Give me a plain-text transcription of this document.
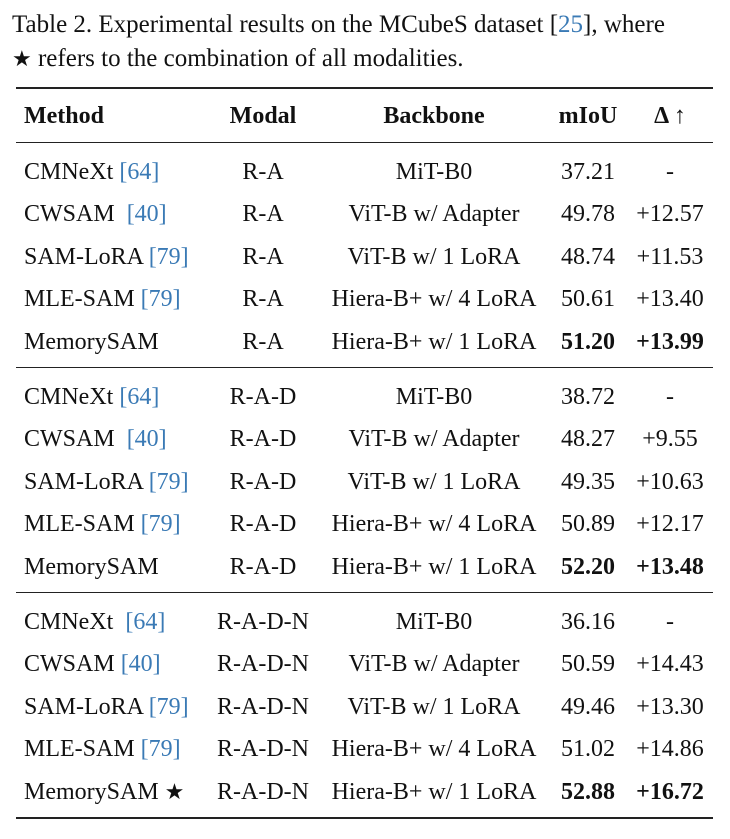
Table 2. Experimental results on the MCubeS dataset [25], where
★ refers to the combination of all modalities.
Method	Modal	Backbone	mIoU Δ ↑
CMNeXt [64]	R-A	MiT-B0	37.21 -
CWSAM  [40]	R-A	ViT-B w/ Adapter 49.78 +12.57
SAM-LoRA [79] R-A	ViT-B w/ 1 LoRA 48.74 +11.53
MLE-SAM [79]	R-A Hiera-B+ w/ 4 LoRA 50.61 +13.40
MemorySAM	R-A Hiera-B+ w/ 1 LoRA 51.20 +13.99
CMNeXt [64]	R-A-D	MiT-B0	38.72 -
CWSAM  [40]	R-A-D ViT-B w/ Adapter 48.27 +9.55
SAM-LoRA [79] R-A-D ViT-B w/ 1 LoRA 49.35 +10.63
MLE-SAM [79] R-A-D Hiera-B+ w/ 4 LoRA 50.89 +12.17
MemorySAM	R-A-D Hiera-B+ w/ 1 LoRA 52.20 +13.48
CMNeXt  [64] R-A-D-N	MiT-B0	36.16 -
CWSAM [40] R-A-D-N ViT-B w/ Adapter 50.59 +14.43
SAM-LoRA [79] R-A-D-N ViT-B w/ 1 LoRA 49.46 +13.30
MLE-SAM [79] R-A-D-N Hiera-B+ w/ 4 LoRA 51.02 +14.86
MemorySAM ★ R-A-D-N Hiera-B+ w/ 1 LoRA 52.88 +16.72
